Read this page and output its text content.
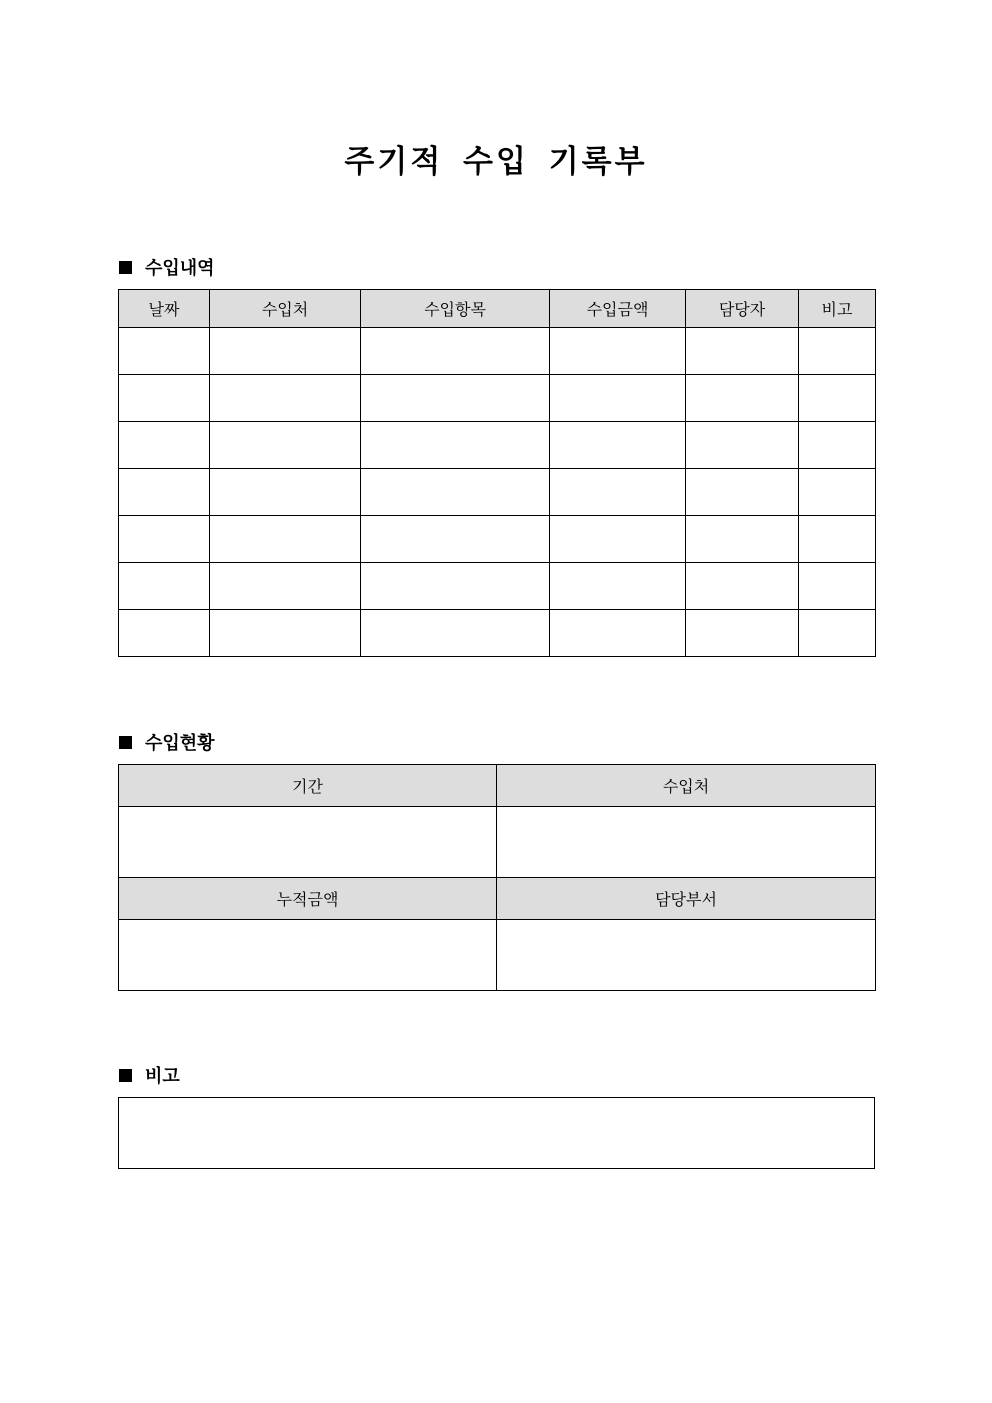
주기적 수입 기록부
수입내역
날짜	수입처	수입항목	수입금액	담당자	비고

수입현황
기간	수입처

누적금액	담당부서

비고
